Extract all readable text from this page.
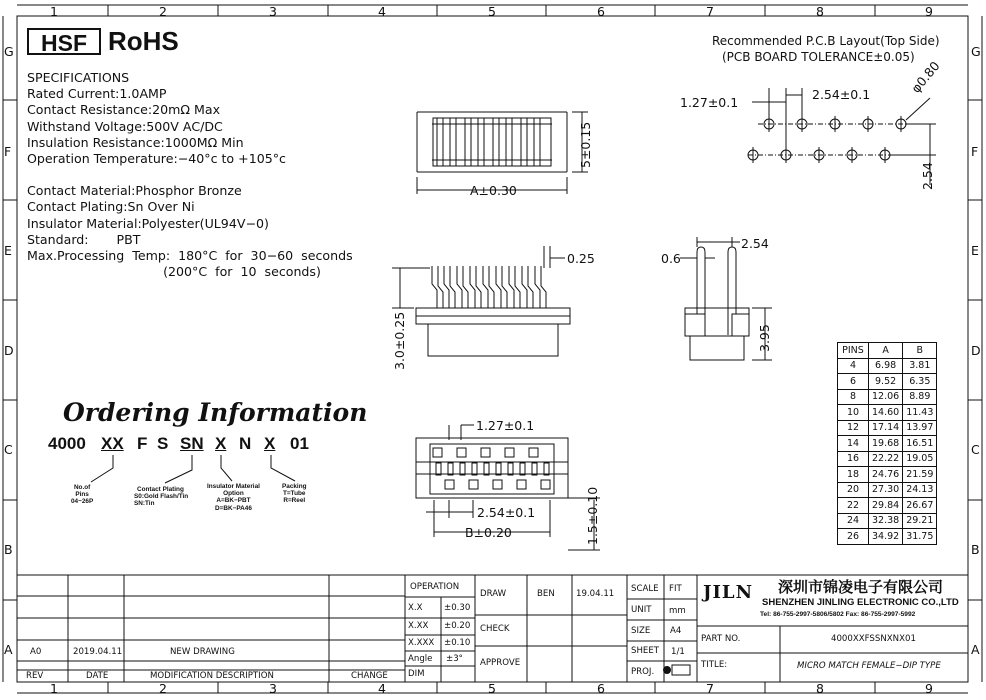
1	2	3	4	5	6	7	8	9
1	2	3	4	5	6	7	8	9
G
F
E
D
C
B
A
G
F
E
D
C
B
A
HSF RoHS
SPECIFICATIONS
Rated Current:1.0AMP
Contact Resistance:20mΩ Max
Withstand Voltage:500V AC/DC
Insulation Resistance:1000MΩ Min
Operation Temperature:−40°c to +105°c
Contact Material:Phosphor Bronze
Contact Plating:Sn Over Ni
Insulator Material:Polyester(UL94V−0)
Standard:       PBT
Max.Processing  Temp:  180°C  for  30−60  seconds
(200°C  for  10  seconds)
Recommended P.C.B Layout(Top Side)
(PCB BOARD TOLERANCE±0.05)
1.27±0.1
2.54±0.1	φ0.80
2.54
A±0.30
5±0.15
0.25
3.0±0.25
0.6
2.54
3.95
1.27±0.1
2.54±0.1
B±0.20	1.5±0.10
Ordering Information
4000 XX F S SN X N X 01
No.of
Pins
04~26P
Contact Plating
S0:Gold Flash/Tin
SN:Tin
Insulator Material
Option
A=BK−PBT
D=BK−PA46
Packing
T=Tube
R=Reel
PINS	A	B
4	6.98	3.81
6	9.52	6.35
8	12.06	8.89
10	14.60	11.43
12	17.14	13.97
14	19.68	16.51
16	22.22	19.05
18	24.76	21.59
20	27.30	24.13
22	29.84	26.67
24	32.38	29.21
26	34.92	31.75
REV	DATE	MODIFICATION DESCRIPTION	CHANGE
A0	2019.04.11	NEW DRAWING
OPERATION
X.X ±0.30
X.XX ±0.20
X.XXX ±0.10
Angle ±3°
DIM
DRAW	BEN 19.04.11
CHECK
APPROVE
SCALE FIT
UNIT mm
SIZE A4
SHEET 1/1
PROJ.
JILN 深圳市锦凌电子有限公司
SHENZHEN JINLING ELECTRONIC CO.,LTD
Tel: 86-755-2997-5806/5802 Fax: 86-755-2997-5992
PART NO.	4000XXFSSNXNX01
TITLE:	MICRO MATCH FEMALE−DIP TYPE
